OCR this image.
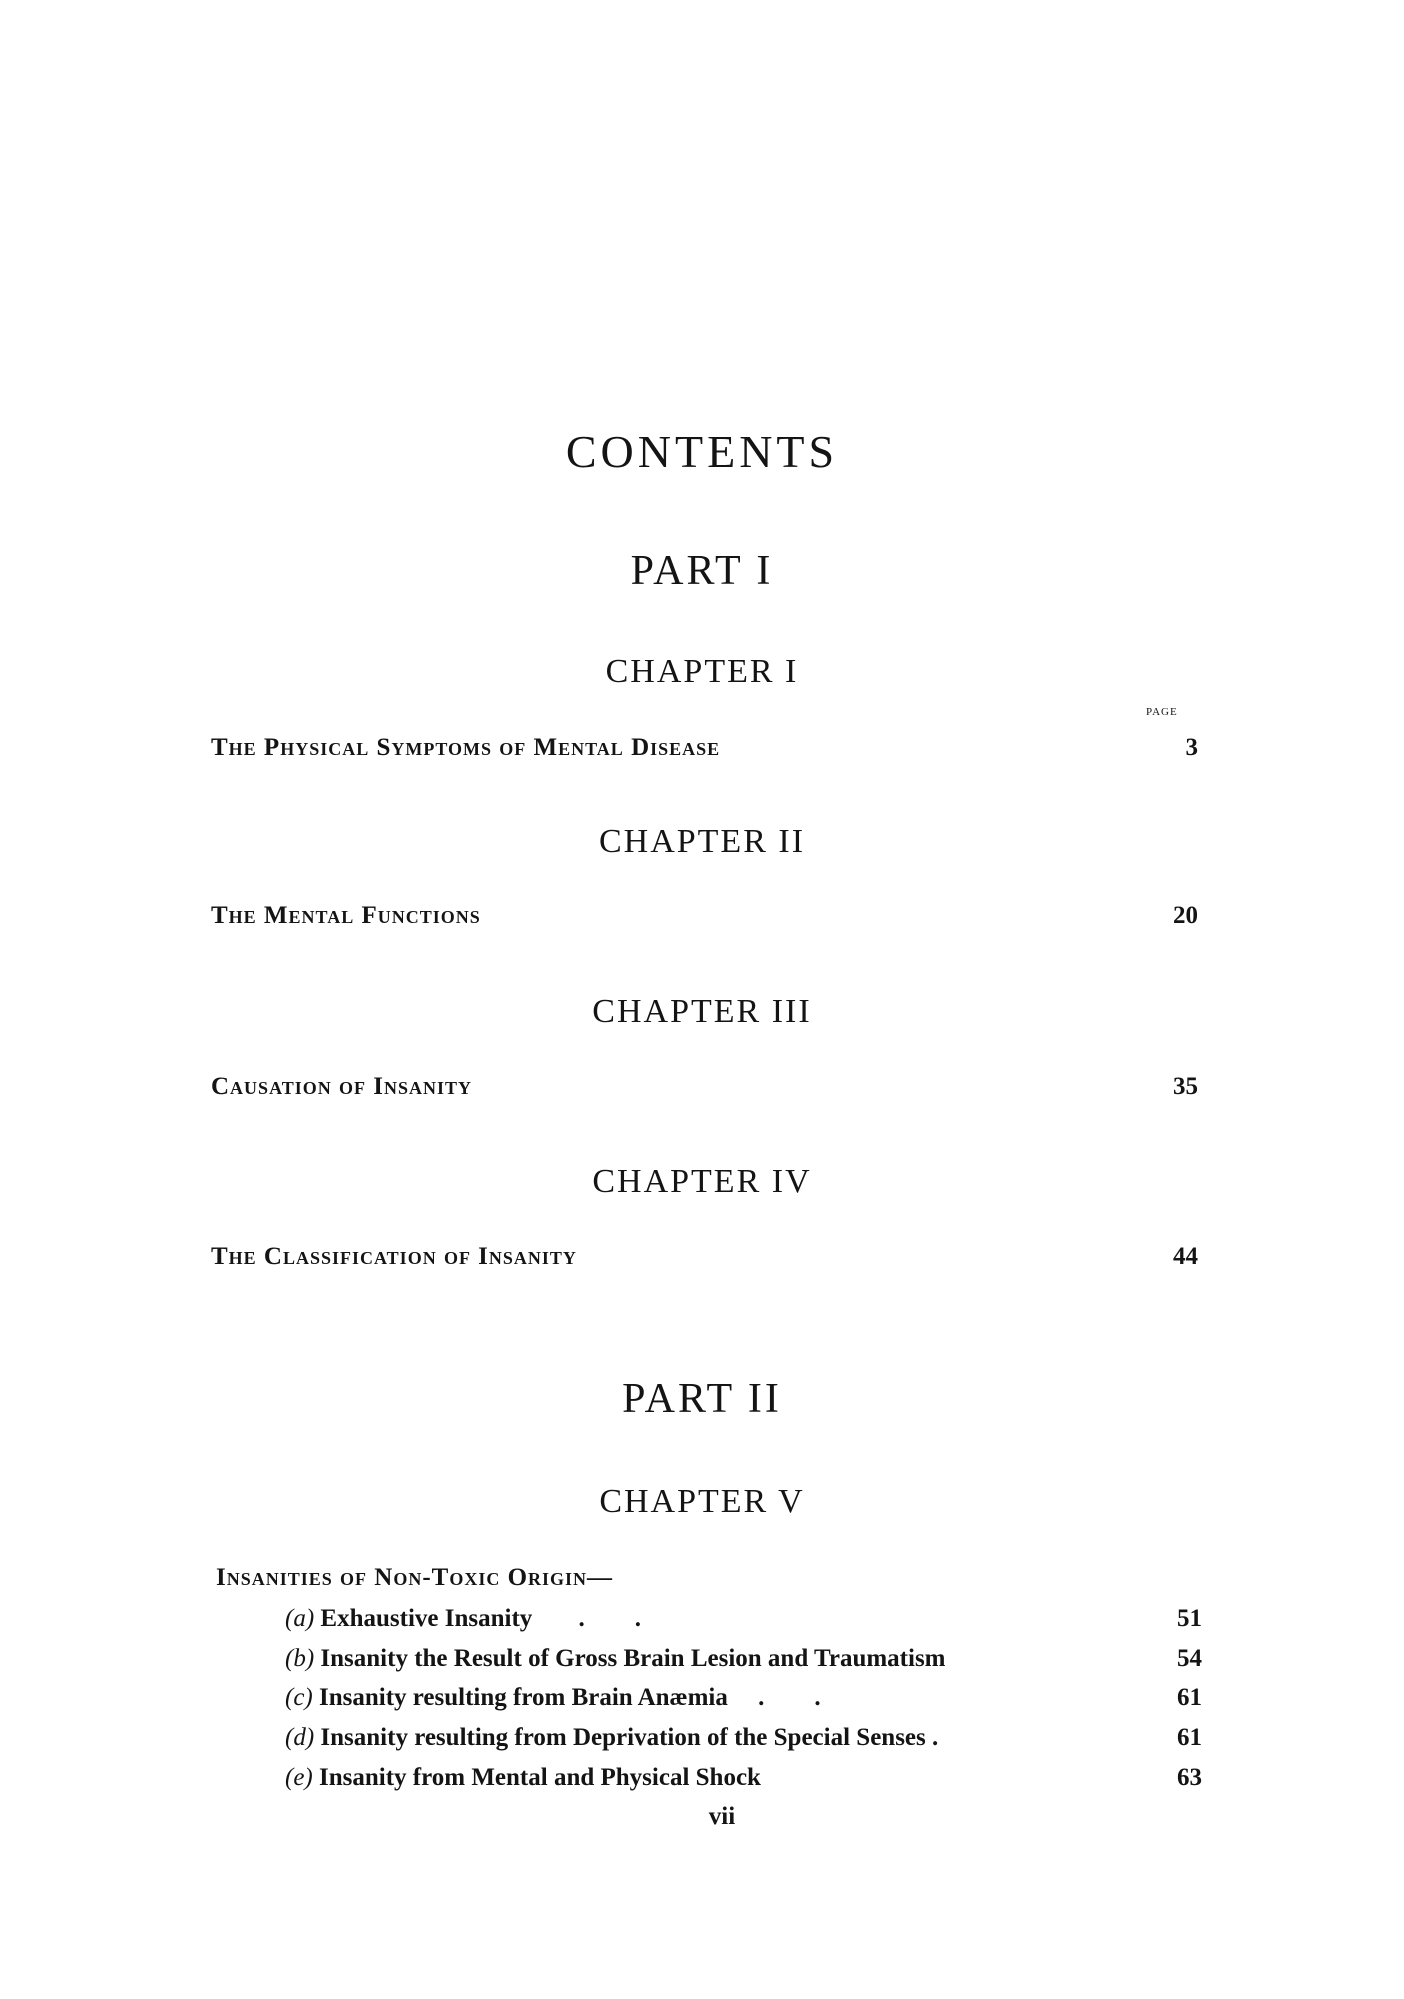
CONTENTS
PART I
CHAPTER I
PAGE
The Physical Symptoms of Mental Disease	3
CHAPTER II
The Mental Functions	20
CHAPTER III
Causation of Insanity	35
CHAPTER IV
The Classification of Insanity	44
PART II
CHAPTER V
Insanities of Non-Toxic Origin—
(a) Exhaustive Insanity .        .	51
(b) Insanity the Result of Gross Brain Lesion and Traumatism	54
(c) Insanity resulting from Brain Anæmia .        .	61
(d) Insanity resulting from Deprivation of the Special Senses .	61
(e) Insanity from Mental and Physical Shock	63
vii
